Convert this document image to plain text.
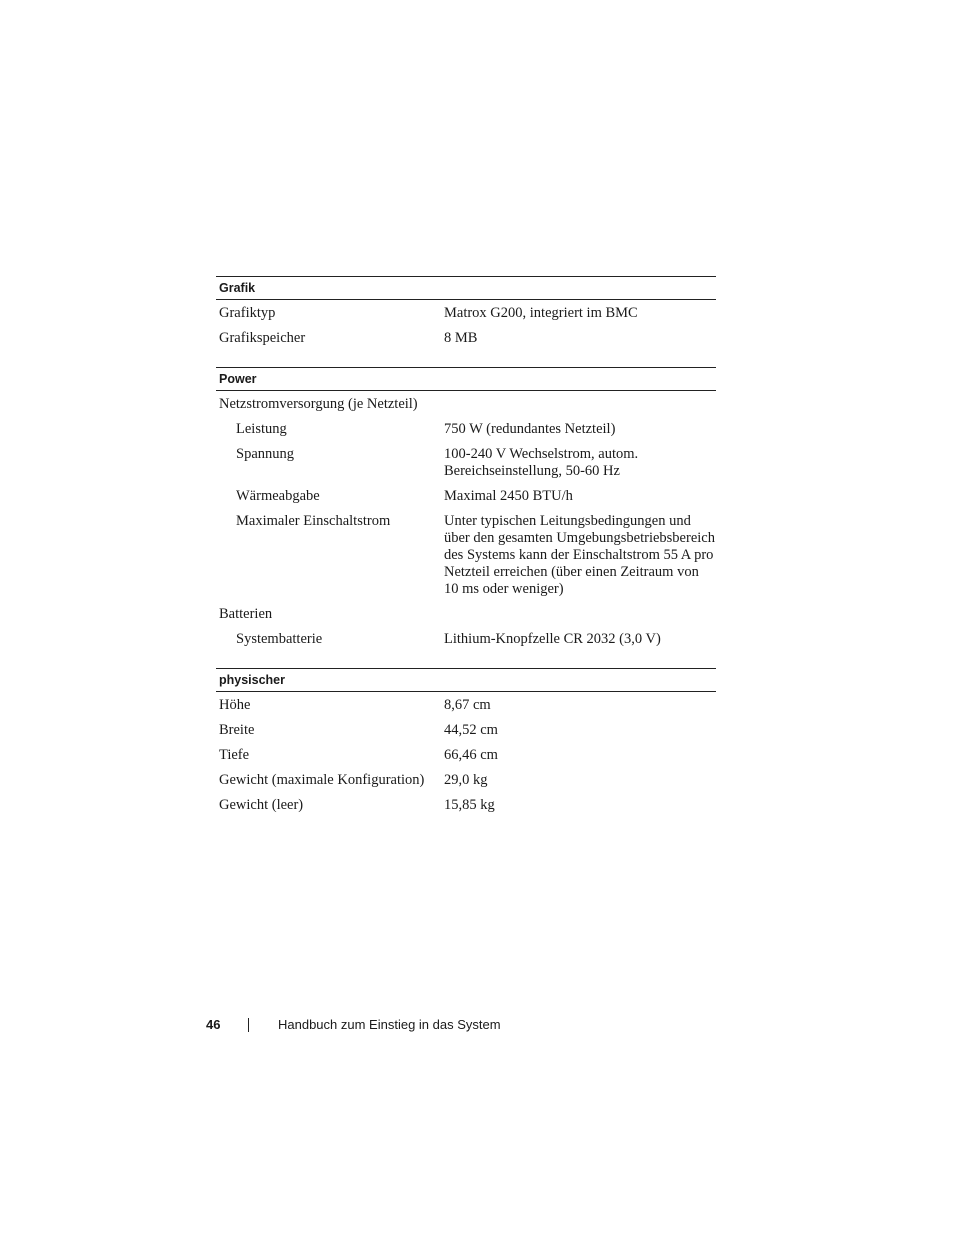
Grafik
Grafiktyp	Matrox G200, integriert im BMC
Grafikspeicher	8 MB
Power
Netzstromversorgung (je Netzteil)
Leistung	750 W (redundantes Netzteil)
Spannung	100-240 V Wechselstrom, autom. Bereichseinstellung, 50-60 Hz
Wärmeabgabe	Maximal 2450 BTU/h
Maximaler Einschaltstrom	Unter typischen Leitungsbedingungen und über den gesamten Umgebungsbetriebsbereich des Systems kann der Einschaltstrom 55 A pro Netzteil erreichen (über einen Zeitraum von 10 ms oder weniger)
Batterien
Systembatterie	Lithium-Knopfzelle CR 2032 (3,0 V)
physischer
Höhe	8,67 cm
Breite	44,52 cm
Tiefe	66,46 cm
Gewicht (maximale Konfiguration)	29,0 kg
Gewicht (leer)	15,85 kg
46	Handbuch zum Einstieg in das System
